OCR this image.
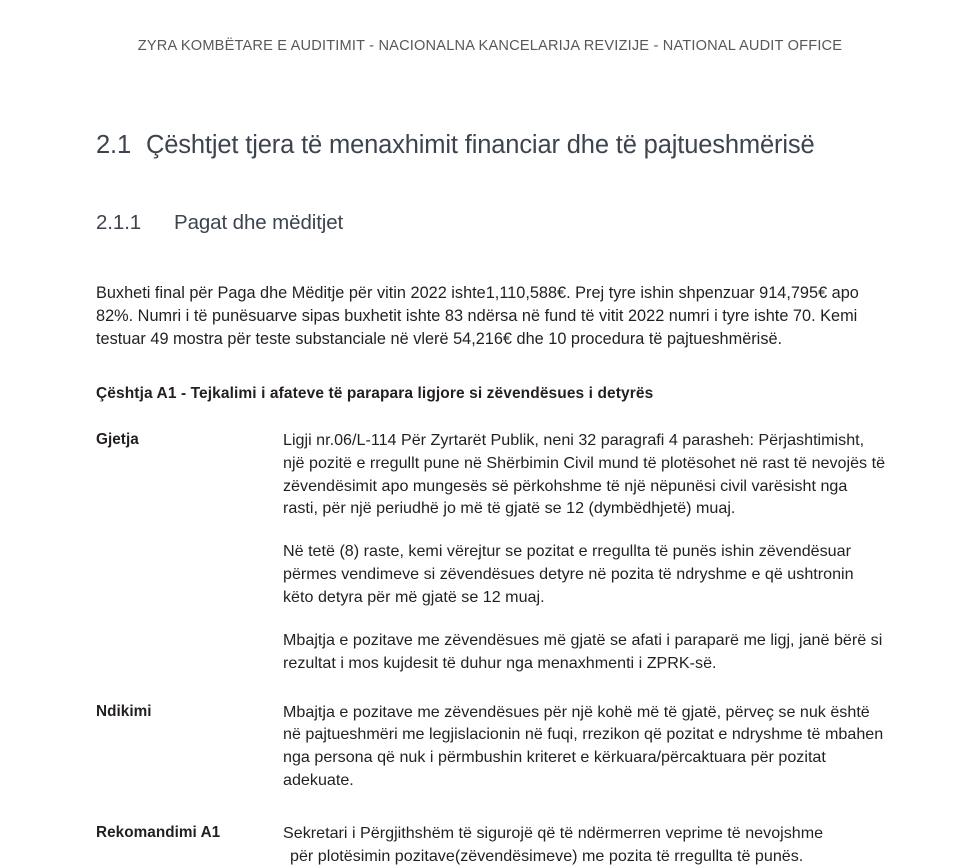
ZYRA KOMBËTARE E AUDITIMIT - NACIONALNA KANCELARIJA REVIZIJE - NATIONAL AUDIT OFFICE
2.1 Çështjet tjera të menaxhimit financiar dhe të pajtueshmërisë
2.1.1	Pagat dhe mëditjet

Buxheti final për Paga dhe Mëditje për vitin 2022 ishte1,110,588€. Prej tyre ishin shpenzuar 914,795€ apo 82%. Numri i të punësuarve sipas buxhetit ishte 83 ndërsa në fund të vitit 2022 numri i tyre ishte 70. Kemi testuar 49 mostra për teste substanciale në vlerë 54,216€ dhe 10 procedura të pajtueshmërisë.

Çështja A1 - Tejkalimi i afateve të parapara ligjore si zëvendësues i detyrës

Gjetja	Ligji nr.06/L-114 Për Zyrtarët Publik, neni 32 paragrafi 4 parasheh: Përjashtimisht, një pozitë e rregullt pune në Shërbimin Civil mund të plotësohet në rast të nevojës të zëvendësimit apo mungesës së përkohshme të një nëpunësi civil varësisht nga rasti, për një periudhë jo më të gjatë se 12 (dymbëdhjetë) muaj.

Në tetë (8) raste, kemi vërejtur se pozitat e rregullta të punës ishin zëvendësuar përmes vendimeve si zëvendësues detyre në pozita të ndryshme e që ushtronin këto detyra për më gjatë se 12 muaj.

Mbajtja e pozitave me zëvendësues më gjatë se afati i paraparë me ligj, janë bërë si rezultat i mos kujdesit të duhur nga menaxhmenti i ZPRK-së.

Ndikimi	Mbajtja e pozitave me zëvendësues për një kohë më të gjatë, përveç se nuk është në pajtueshmëri me legjislacionin në fuqi, rrezikon që pozitat e ndryshme të mbahen nga persona që nuk i përmbushin kriteret e kërkuara/përcaktuara për pozitat adekuate.

Rekomandimi A1	Sekretari i Përgjithshëm të sigurojë që të ndërmerren veprime të nevojshme

për plotësimin pozitave(zëvendësimeve) me pozita të rregullta të punës.
